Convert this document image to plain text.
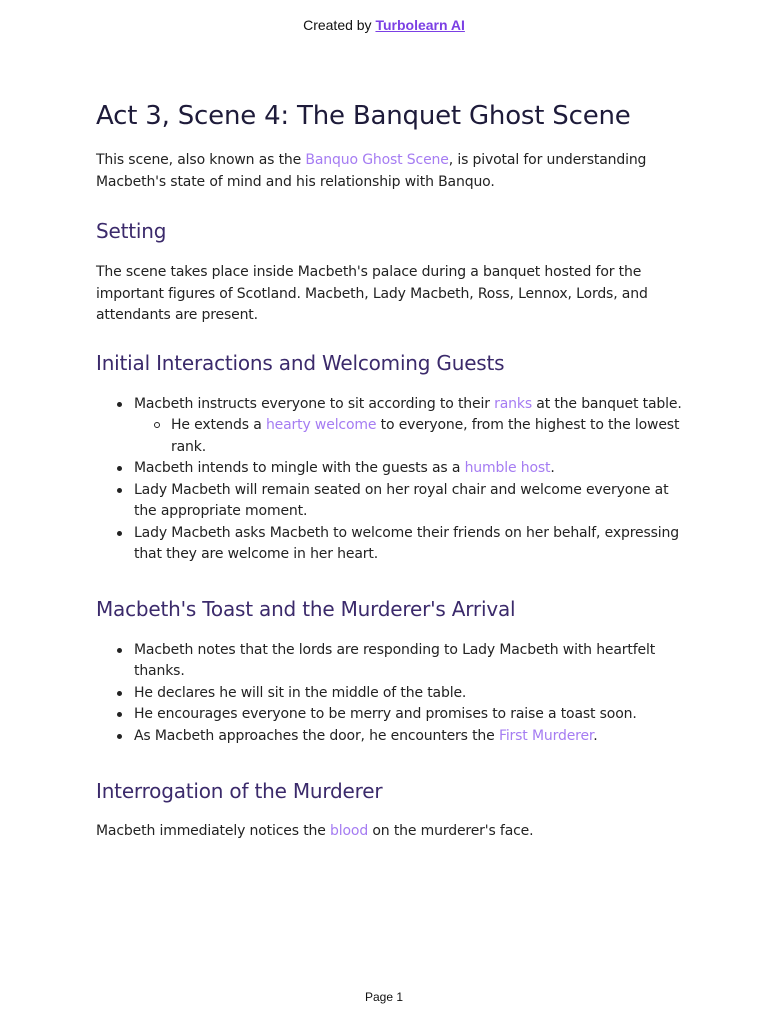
Created by Turbolearn AI
Act 3, Scene 4: The Banquet Ghost Scene

This scene, also known as the Banquo Ghost Scene, is pivotal for understanding Macbeth's state of mind and his relationship with Banquo.

Setting

The scene takes place inside Macbeth's palace during a banquet hosted for the important figures of Scotland. Macbeth, Lady Macbeth, Ross, Lennox, Lords, and attendants are present.

Initial Interactions and Welcoming Guests
Macbeth instructs everyone to sit according to their ranks at the banquet table.
He extends a hearty welcome to everyone, from the highest to the lowest rank.
Macbeth intends to mingle with the guests as a humble host.
Lady Macbeth will remain seated on her royal chair and welcome everyone at the appropriate moment.
Lady Macbeth asks Macbeth to welcome their friends on her behalf, expressing that they are welcome in her heart.
Macbeth's Toast and the Murderer's Arrival
Macbeth notes that the lords are responding to Lady Macbeth with heartfelt thanks.
He declares he will sit in the middle of the table.
He encourages everyone to be merry and promises to raise a toast soon.
As Macbeth approaches the door, he encounters the First Murderer.
Interrogation of the Murderer

Macbeth immediately notices the blood on the murderer's face.

Page 1
